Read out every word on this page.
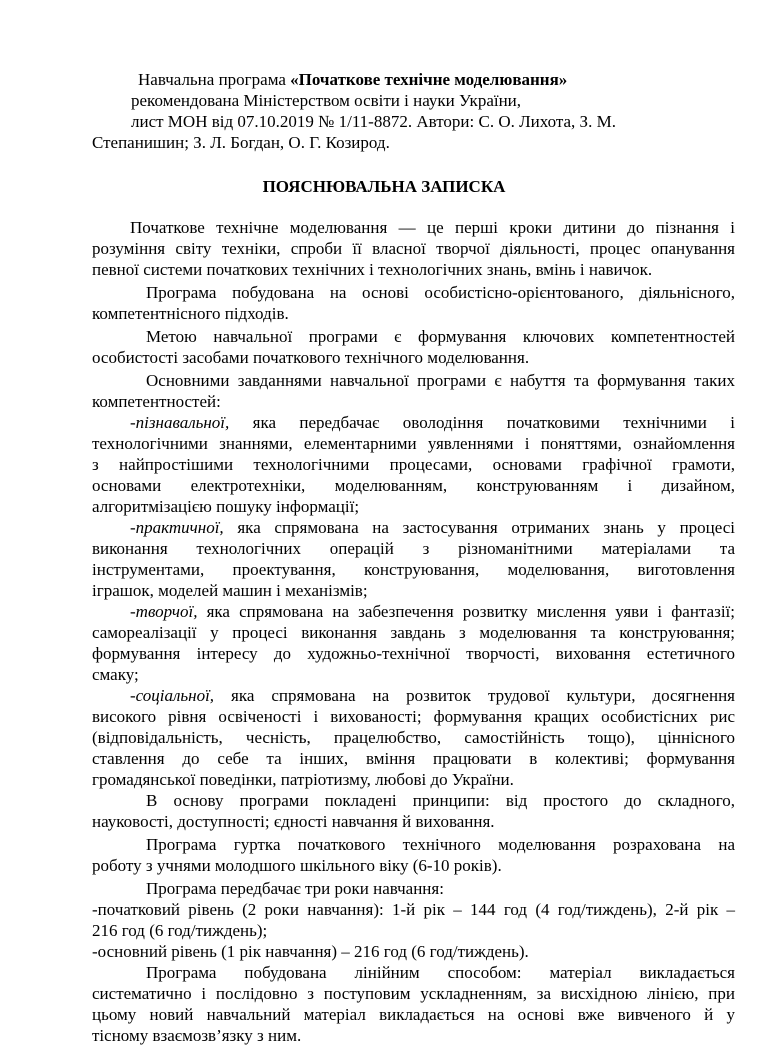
Навчальна програма «Початкове технічне моделювання»
рекомендована Міністерством освіти і науки України,
лист МОН від 07.10.2019 № 1/11-8872. Автори: С. О. Лихота, З. М.
Степанишин; З. Л. Богдан, О. Г. Козирод.
ПОЯСНЮВАЛЬНА ЗАПИСКА
Початкове технічне моделювання — це перші кроки дитини до пізнання і
розуміння світу техніки, спроби її власної творчої діяльності, процес опанування
певної системи початкових технічних і технологічних знань, вмінь і навичок.
Програма побудована на основі особистісно-орієнтованого, діяльнісного,
компетентнісного підходів.
Метою навчальної програми є формування ключових компетентностей
особистості засобами початкового технічного моделювання.
Основними завданнями навчальної програми є набуття та формування таких
компетентностей:
-пізнавальної, яка передбачає оволодіння початковими технічними і
технологічними знаннями, елементарними уявленнями і поняттями, ознайомлення
з найпростішими технологічними процесами, основами графічної грамоти,
основами електротехніки, моделюванням, конструюванням і дизайном,
алгоритмізацією пошуку інформації;
-практичної, яка спрямована на застосування отриманих знань у процесі
виконання технологічних операцій з різноманітними матеріалами та
інструментами, проектування, конструювання, моделювання, виготовлення
іграшок, моделей машин і механізмів;
-творчої, яка спрямована на забезпечення розвитку мислення уяви і фантазії;
самореалізації у процесі виконання завдань з моделювання та конструювання;
формування інтересу до художньо-технічної творчості, виховання естетичного
смаку;
-соціальної, яка спрямована на розвиток трудової культури, досягнення
високого рівня освіченості і вихованості; формування кращих особистісних рис
(відповідальність, чесність, працелюбство, самостійність тощо), ціннісного
ставлення до себе та інших, вміння працювати в колективі; формування
громадянської поведінки, патріотизму, любові до України.
В основу програми покладені принципи: від простого до складного,
науковості, доступності; єдності навчання й виховання.
Програма гуртка початкового технічного моделювання розрахована на
роботу з учнями молодшого шкільного віку (6-10 років).
Програма передбачає три роки навчання:
-початковий рівень (2 роки навчання): 1-й рік – 144 год (4 год/тиждень), 2-й рік –
216 год (6 год/тиждень);
-основний рівень (1 рік навчання) – 216 год (6 год/тиждень).
Програма побудована лінійним способом: матеріал викладається
систематично і послідовно з поступовим ускладненням, за висхідною лінією, при
цьому новий навчальний матеріал викладається на основі вже вивченого й у
тісному взаємозв’язку з ним.
